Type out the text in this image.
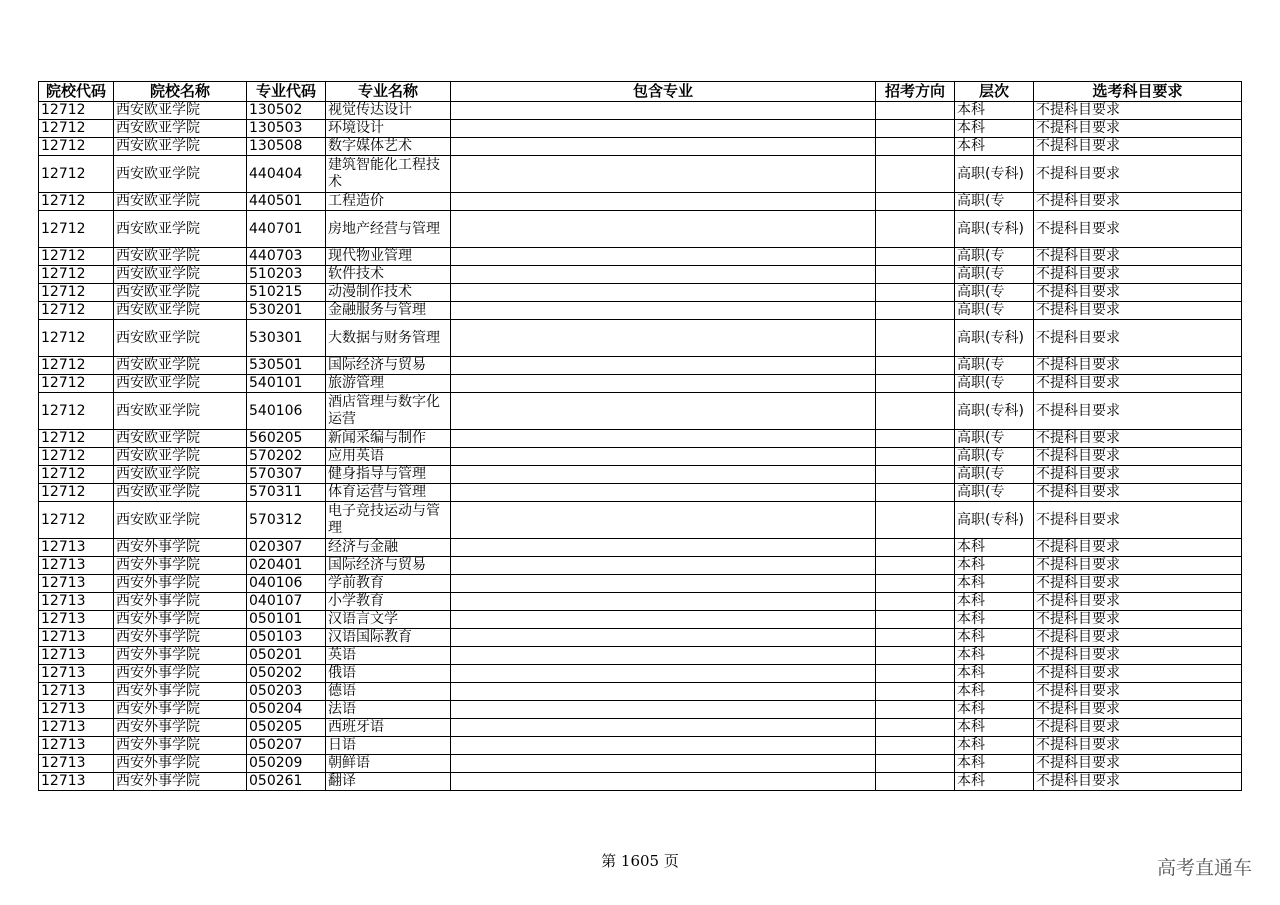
院校代码	院校名称	专业代码	专业名称	包含专业	招考方向	层次	选考科目要求
12712	西安欧亚学院	130502	视觉传达设计			本科	不提科目要求
12712	西安欧亚学院	130503	环境设计			本科	不提科目要求
12712	西安欧亚学院	130508	数字媒体艺术			本科	不提科目要求
12712	西安欧亚学院	440404	建筑智能化工程技术			高职(专科)	不提科目要求
12712	西安欧亚学院	440501	工程造价			高职(专	不提科目要求
12712	西安欧亚学院	440701	房地产经营与管理			高职(专科)	不提科目要求
12712	西安欧亚学院	440703	现代物业管理			高职(专	不提科目要求
12712	西安欧亚学院	510203	软件技术			高职(专	不提科目要求
12712	西安欧亚学院	510215	动漫制作技术			高职(专	不提科目要求
12712	西安欧亚学院	530201	金融服务与管理			高职(专	不提科目要求
12712	西安欧亚学院	530301	大数据与财务管理			高职(专科)	不提科目要求
12712	西安欧亚学院	530501	国际经济与贸易			高职(专	不提科目要求
12712	西安欧亚学院	540101	旅游管理			高职(专	不提科目要求
12712	西安欧亚学院	540106	酒店管理与数字化运营			高职(专科)	不提科目要求
12712	西安欧亚学院	560205	新闻采编与制作			高职(专	不提科目要求
12712	西安欧亚学院	570202	应用英语			高职(专	不提科目要求
12712	西安欧亚学院	570307	健身指导与管理			高职(专	不提科目要求
12712	西安欧亚学院	570311	体育运营与管理			高职(专	不提科目要求
12712	西安欧亚学院	570312	电子竞技运动与管理			高职(专科)	不提科目要求
12713	西安外事学院	020307	经济与金融			本科	不提科目要求
12713	西安外事学院	020401	国际经济与贸易			本科	不提科目要求
12713	西安外事学院	040106	学前教育			本科	不提科目要求
12713	西安外事学院	040107	小学教育			本科	不提科目要求
12713	西安外事学院	050101	汉语言文学			本科	不提科目要求
12713	西安外事学院	050103	汉语国际教育			本科	不提科目要求
12713	西安外事学院	050201	英语			本科	不提科目要求
12713	西安外事学院	050202	俄语			本科	不提科目要求
12713	西安外事学院	050203	德语			本科	不提科目要求
12713	西安外事学院	050204	法语			本科	不提科目要求
12713	西安外事学院	050205	西班牙语			本科	不提科目要求
12713	西安外事学院	050207	日语			本科	不提科目要求
12713	西安外事学院	050209	朝鲜语			本科	不提科目要求
12713	西安外事学院	050261	翻译			本科	不提科目要求
第 1605 页	高考直通车
